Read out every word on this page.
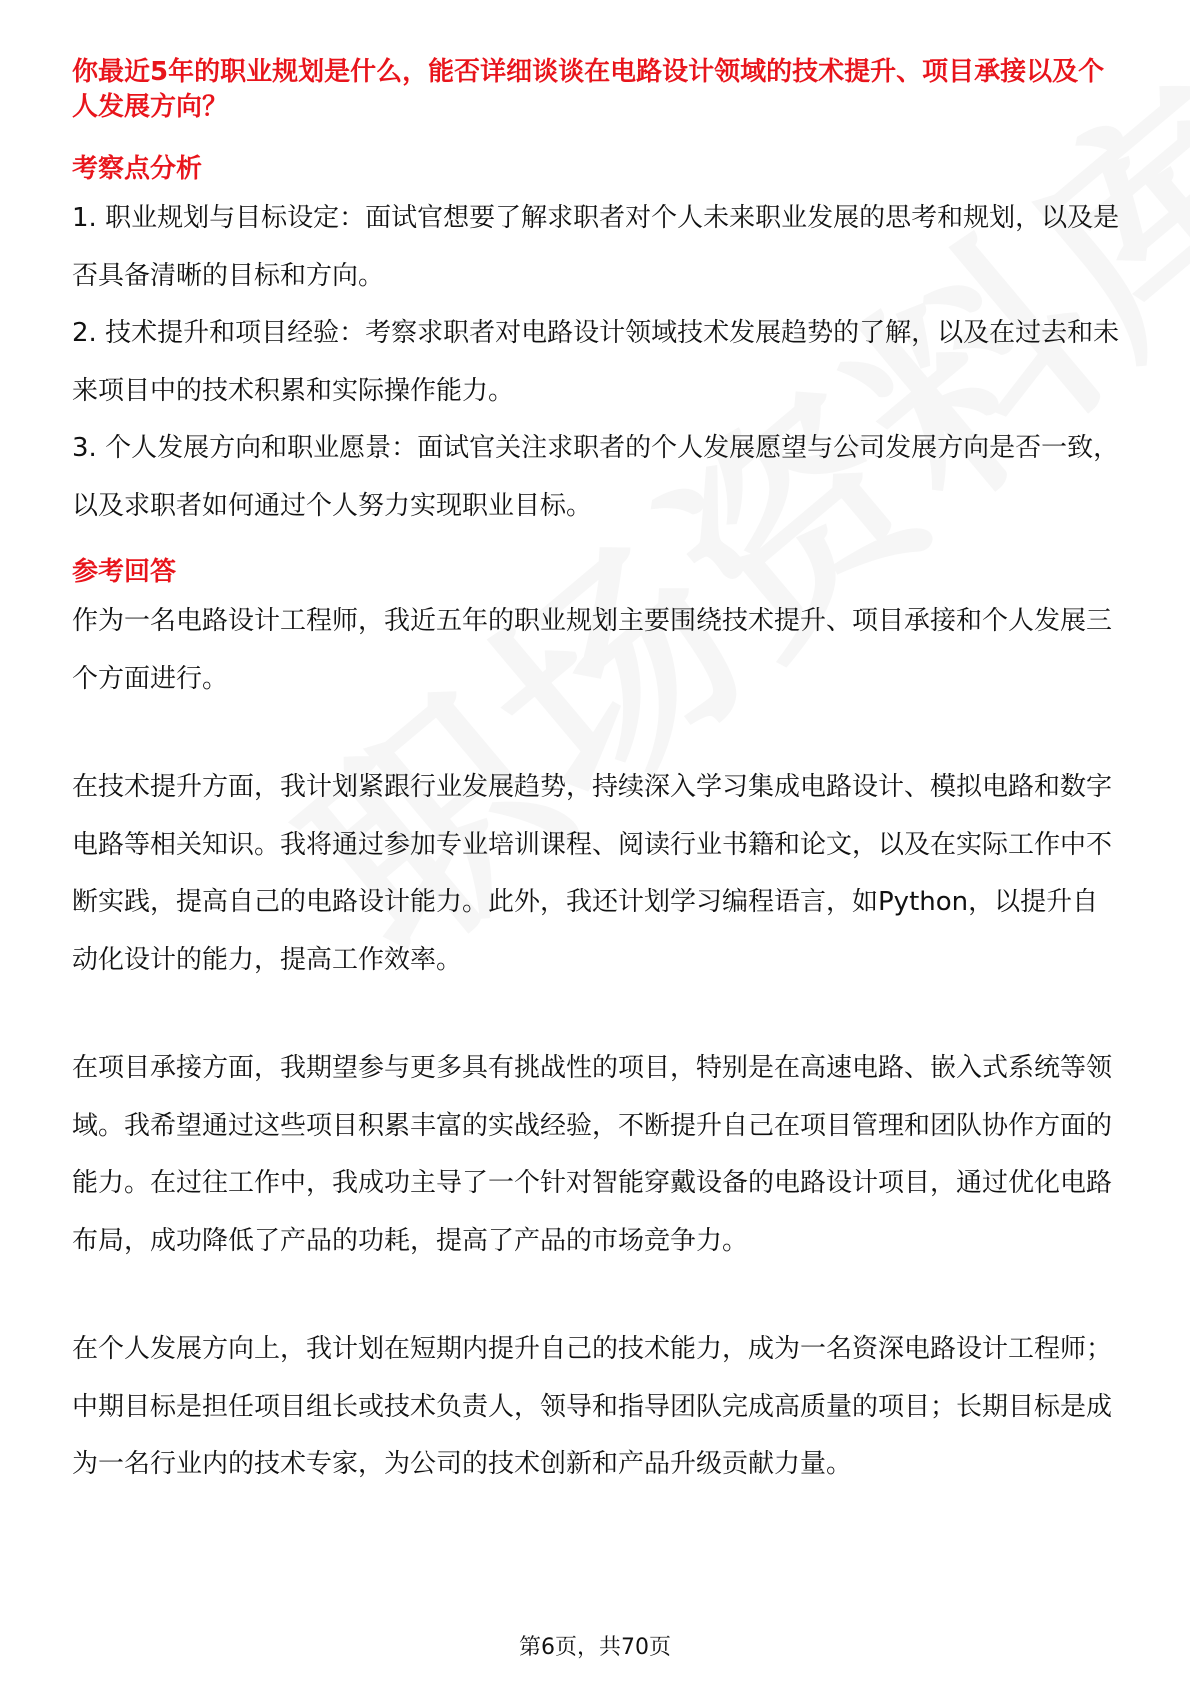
你最近5年的职业规划是什么，能否详细谈谈在电路设计领域的技术提升、项目承接以及个人发展方向？

考察点分析

1. 职业规划与目标设定：面试官想要了解求职者对个人未来职业发展的思考和规划，以及是否具备清晰的目标和方向。

2. 技术提升和项目经验：考察求职者对电路设计领域技术发展趋势的了解，以及在过去和未来项目中的技术积累和实际操作能力。

3. 个人发展方向和职业愿景：面试官关注求职者的个人发展愿望与公司发展方向是否一致，以及求职者如何通过个人努力实现职业目标。

参考回答

作为一名电路设计工程师，我近五年的职业规划主要围绕技术提升、项目承接和个人发展三个方面进行。

在技术提升方面，我计划紧跟行业发展趋势，持续深入学习集成电路设计、模拟电路和数字电路等相关知识。我将通过参加专业培训课程、阅读行业书籍和论文，以及在实际工作中不断实践，提高自己的电路设计能力。此外，我还计划学习编程语言，如Python，以提升自动化设计的能力，提高工作效率。

在项目承接方面，我期望参与更多具有挑战性的项目，特别是在高速电路、嵌入式系统等领域。我希望通过这些项目积累丰富的实战经验，不断提升自己在项目管理和团队协作方面的能力。在过往工作中，我成功主导了一个针对智能穿戴设备的电路设计项目，通过优化电路布局，成功降低了产品的功耗，提高了产品的市场竞争力。

在个人发展方向上，我计划在短期内提升自己的技术能力，成为一名资深电路设计工程师；中期目标是担任项目组长或技术负责人，领导和指导团队完成高质量的项目；长期目标是成为一名行业内的技术专家，为公司的技术创新和产品升级贡献力量。

第6页，共70页
